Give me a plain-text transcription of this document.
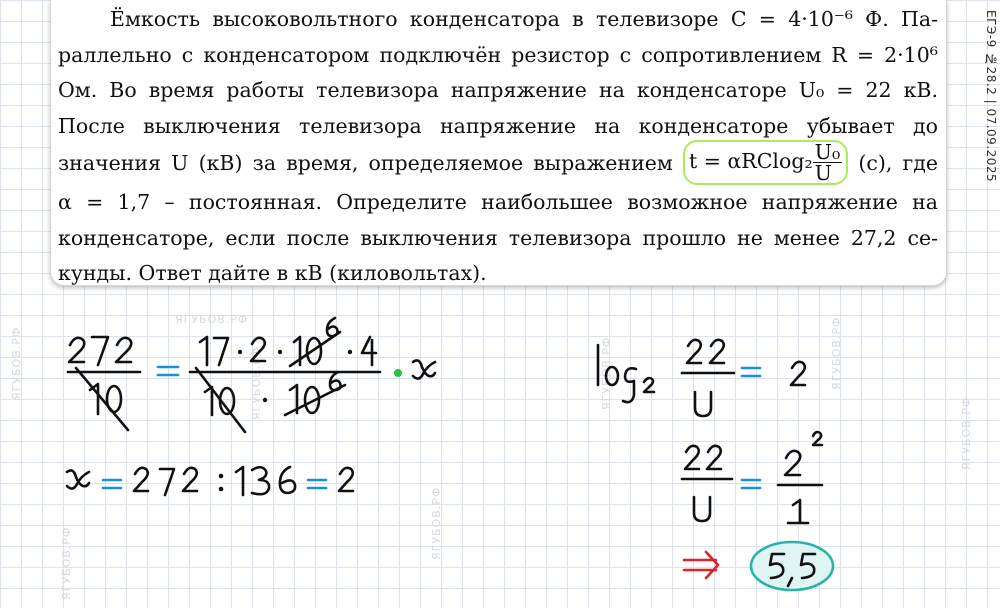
Ёмкость высоковольтного конденсатора в телевизоре C = 4·10⁻⁶ Ф. Па-
раллельно с конденсатором подключён резистор с сопротивлением R = 2·10⁶
Ом. Во время работы телевизора напряжение на конденсаторе U₀ = 22 кВ.
После выключения телевизора напряжение на конденсаторе убывает до
значения U (кВ) за время, определяемое выражением $t = \alpha RClog_2 \frac{\text{U₀}}{U} (с)$, где
α = 1,7 – постоянная. Определите наибольшее возможное напряжение на
конденсаторе, если после выключения телевизора прошло не менее 27,2 се-
кунды. Ответ дайте в кВ (киловольтах).
ЕГЭ-9 №28.2 | 07.09.2025
ЯГУБОВ.РФ
ЯГУБОВ.РФ	ЯГУБОВ.РФ	ЯГУБОВ.РФ	ЯГУБОВ.РФ
ЯГУБОВ.РФ
ЯГУБОВ.РФ
ЯГУБОВ.РФ
